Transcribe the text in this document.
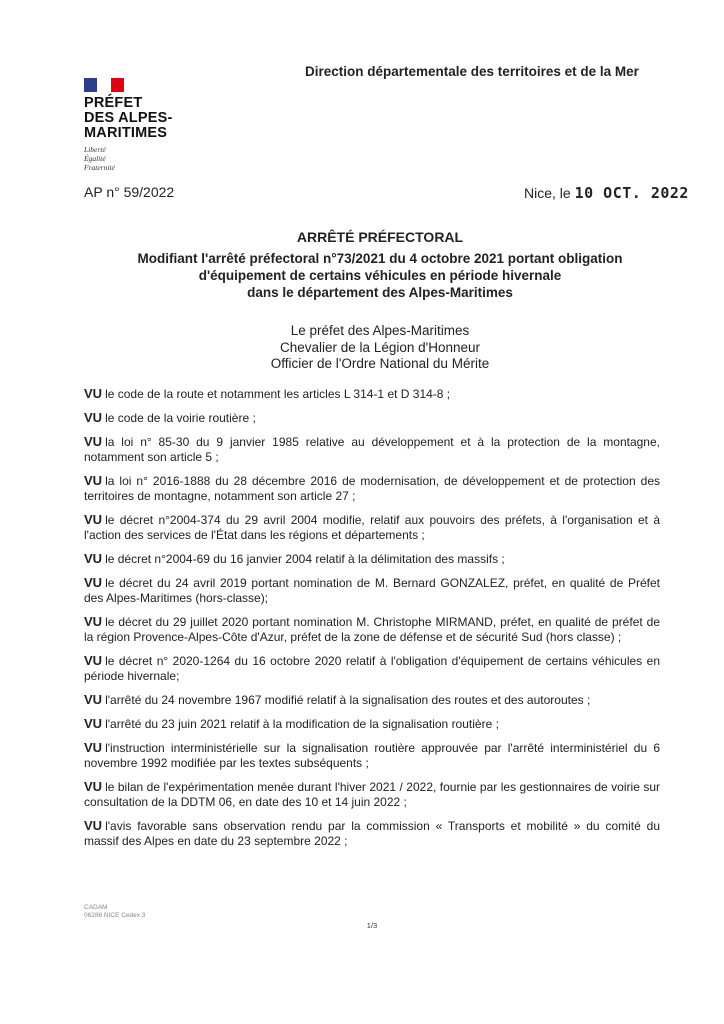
PRÉFET
DES ALPES-
MARITIMES
Liberté
Égalité
Fraternité
Direction départementale des territoires et de la Mer
AP n° 59/2022	Nice, le 10 OCT. 2022
ARRÊTÉ PRÉFECTORAL
Modifiant l'arrêté préfectoral n°73/2021 du 4 octobre 2021 portant obligation
d'équipement de certains véhicules en période hivernale
dans le département des Alpes-Maritimes
Le préfet des Alpes-Maritimes
Chevalier de la Légion d'Honneur
Officier de l'Ordre National du Mérite

VU le code de la route et notamment les articles L 314-1 et D 314-8 ;

VU le code de la voirie routière ;

VU la loi n° 85-30 du 9 janvier 1985 relative au développement et à la protection de la montagne, notamment son article 5 ;

VU la loi n° 2016-1888 du 28 décembre 2016 de modernisation, de développement et de protection des territoires de montagne, notamment son article 27 ;

VU le décret n°2004-374 du 29 avril 2004 modifie, relatif aux pouvoirs des préfets, à l'organisation et à l'action des services de l'État dans les régions et départements ;

VU le décret n°2004-69 du 16 janvier 2004 relatif à la délimitation des massifs ;

VU le décret du 24 avril 2019 portant nomination de M. Bernard GONZALEZ, préfet, en qualité de Préfet des Alpes-Maritimes (hors-classe);

VU le décret du 29 juillet 2020 portant nomination M. Christophe MIRMAND, préfet, en qualité de préfet de la région Provence-Alpes-Côte d'Azur, préfet de la zone de défense et de sécurité Sud (hors classe) ;

VU le décret n° 2020-1264 du 16 octobre 2020 relatif à l'obligation d'équipement de certains véhicules en période hivernale;

VU l'arrêté du 24 novembre 1967 modifié relatif à la signalisation des routes et des autoroutes ;

VU l'arrêté du 23 juin 2021 relatif à la modification de la signalisation routière ;

VU l'instruction interministérielle sur la signalisation routière approuvée par l'arrêté interministériel du 6 novembre 1992 modifiée par les textes subséquents ;

VU le bilan de l'expérimentation menée durant l'hiver 2021 / 2022, fournie par les gestionnaires de voirie sur consultation de la DDTM 06, en date des 10 et 14 juin 2022 ;

VU l'avis favorable sans observation rendu par la commission « Transports et mobilité » du comité du massif des Alpes en date du 23 septembre 2022 ;

CADAM
06286 NICE Cedex 3
1/3
